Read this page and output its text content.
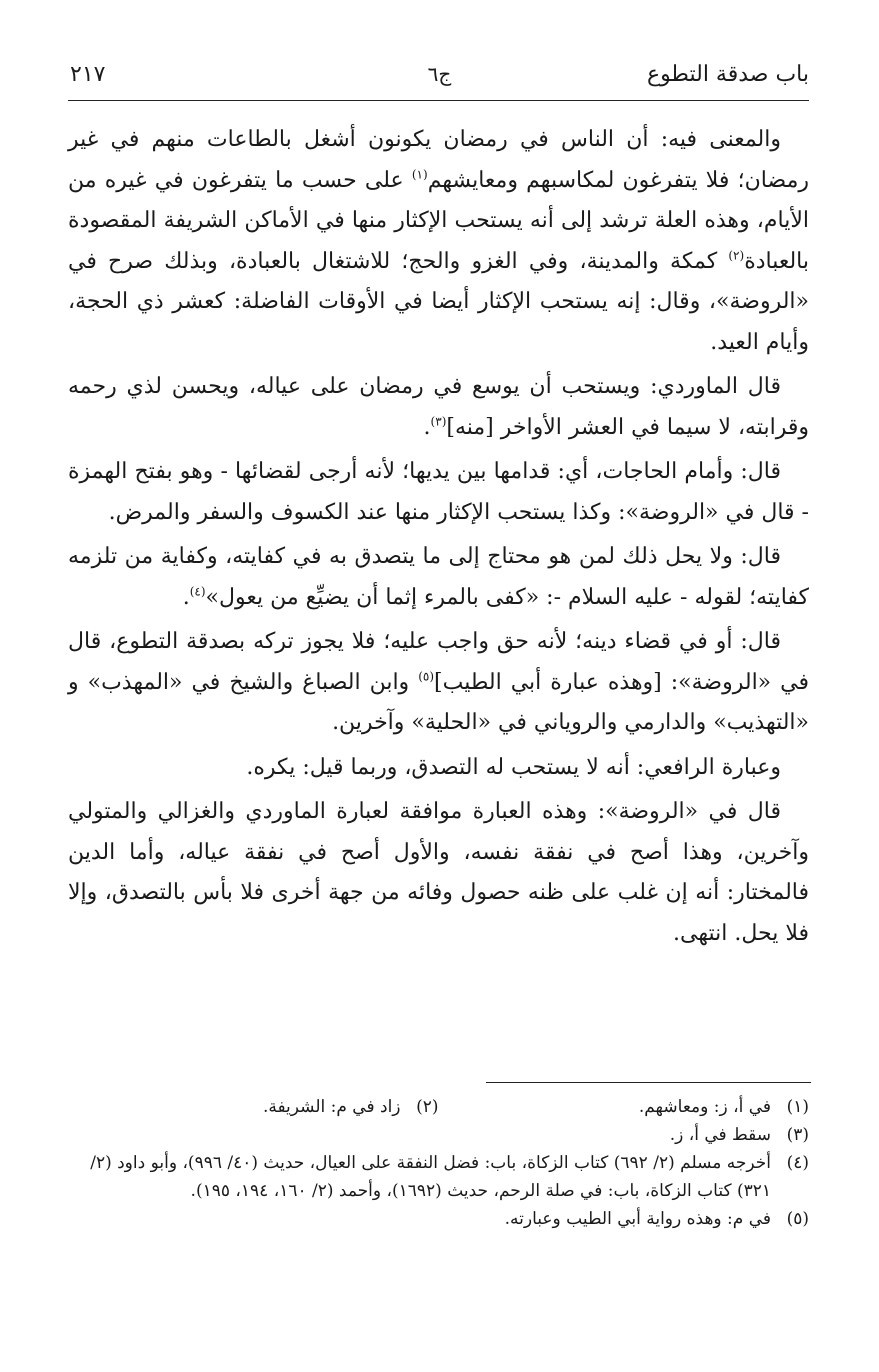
باب صدقة التطوع
ج٦
٢١٧

والمعنى فيه: أن الناس في رمضان يكونون أشغل بالطاعات منهم في غير رمضان؛ فلا يتفرغون لمكاسبهم ومعايشهم$^{(١)}$ على حسب ما يتفرغون في غيره من الأيام، وهذه العلة ترشد إلى أنه يستحب الإكثار منها في الأماكن الشريفة المقصودة بالعبادة$^{(٢)}$ كمكة والمدينة، وفي الغزو والحج؛ للاشتغال بالعبادة، وبذلك صرح في «الروضة»، وقال: إنه يستحب الإكثار أيضا في الأوقات الفاضلة: كعشر ذي الحجة، وأيام العيد.

قال الماوردي: ويستحب أن يوسع في رمضان على عياله، ويحسن لذي رحمه وقرابته، لا سيما في العشر الأواخر [منه]$^{(٣)}$.

قال: وأمام الحاجات، أي: قدامها بين يديها؛ لأنه أرجى لقضائها - وهو بفتح الهمزة - قال في «الروضة»: وكذا يستحب الإكثار منها عند الكسوف والسفر والمرض.

قال: ولا يحل ذلك لمن هو محتاج إلى ما يتصدق به في كفايته، وكفاية من تلزمه كفايته؛ لقوله - عليه السلام -: «كفى بالمرء إثما أن يضيِّع من يعول»$^{(٤)}$.

قال: أو في قضاء دينه؛ لأنه حق واجب عليه؛ فلا يجوز تركه بصدقة التطوع، قال في «الروضة»: [وهذه عبارة أبي الطيب]$^{(٥)}$ وابن الصباغ والشيخ في «المهذب» و «التهذيب» والدارمي والروياني في «الحلية» وآخرين.

وعبارة الرافعي: أنه لا يستحب له التصدق، وربما قيل: يكره.

قال في «الروضة»: وهذه العبارة موافقة لعبارة الماوردي والغزالي والمتولي وآخرين، وهذا أصح في نفقة نفسه، والأول أصح في نفقة عياله، وأما الدين فالمختار: أنه إن غلب على ظنه حصول وفائه من جهة أخرى فلا بأس بالتصدق، وإلا فلا يحل. انتهى.

(١)
في أ، ز: ومعاشهم.
(٢)
زاد في م: الشريفة.
(٣)
سقط في أ، ز.
(٤)
أخرجه مسلم (٢/ ٦٩٢) كتاب الزكاة، باب: فضل النفقة على العيال، حديث (٤٠/ ٩٩٦)، وأبو داود (٢/ ٣٢١) كتاب الزكاة، باب: في صلة الرحم، حديث (١٦٩٢)، وأحمد (٢/ ١٦٠، ١٩٤، ١٩٥).
(٥)
في م: وهذه رواية أبي الطيب وعبارته.
